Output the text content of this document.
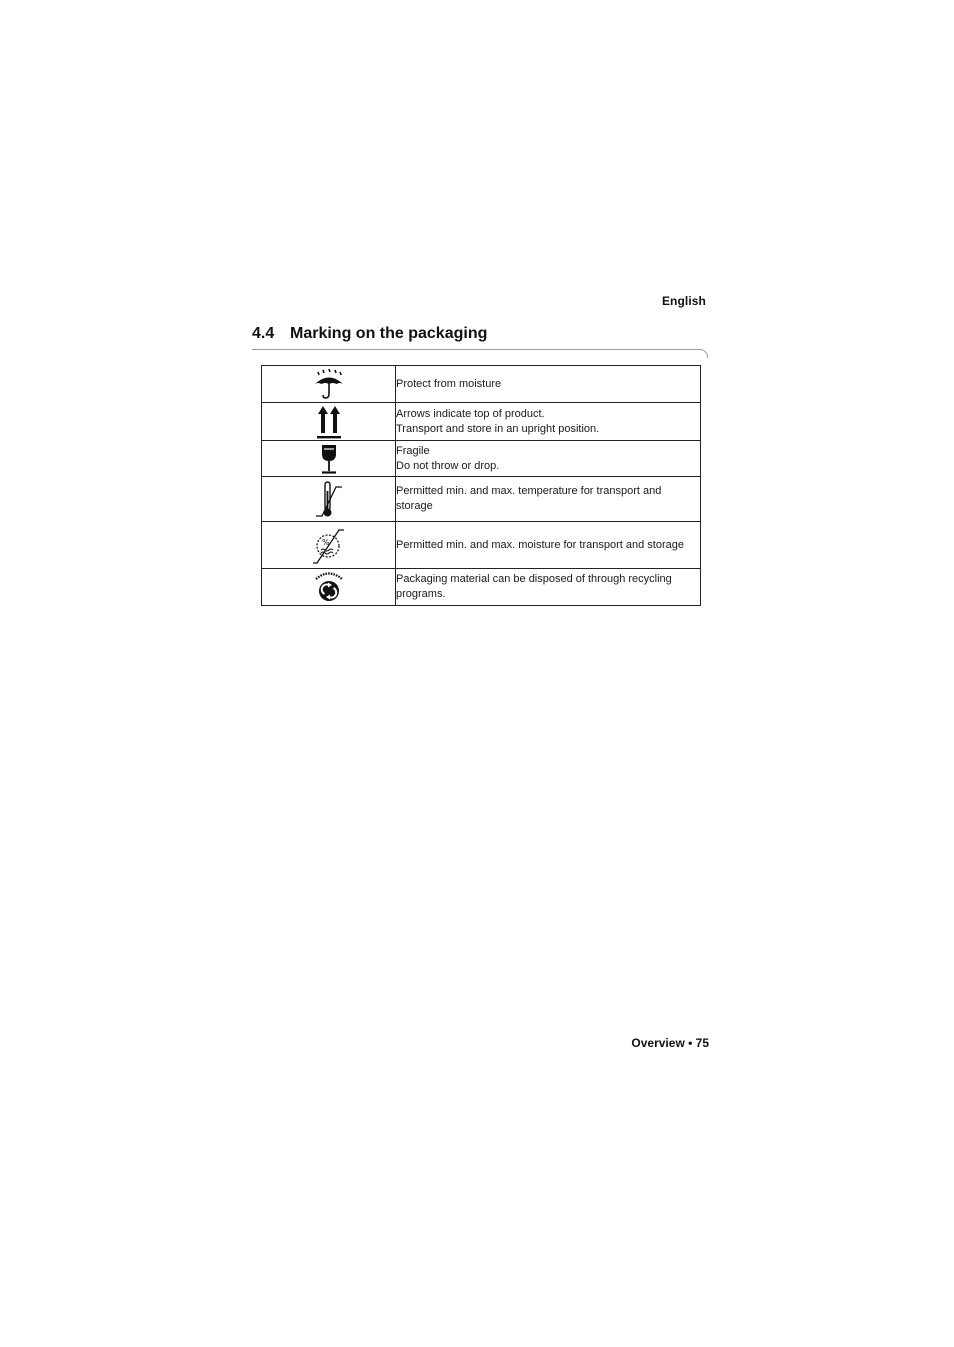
English
4.4 Marking on the packaging

Protect from moisture

Arrows indicate top of product.
Transport and store in an upright position.

Fragile
Do not throw or drop.

Permitted min. and max. temperature for transport and storage

%	Permitted min. and max. moisture for transport and storage

Packaging material can be disposed of through recycling programs.
Overview • 75
